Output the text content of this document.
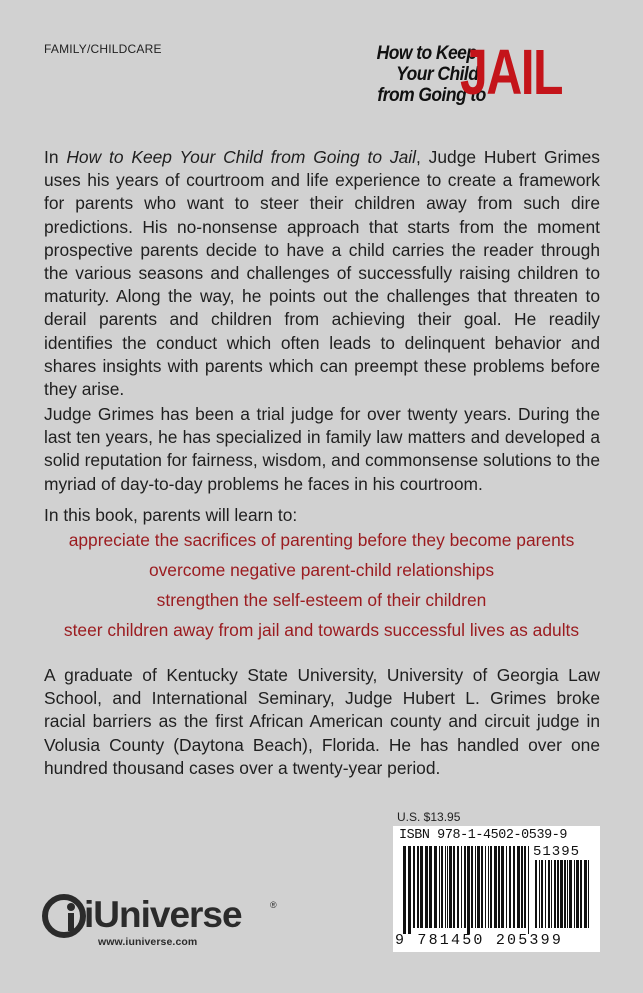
FAMILY/CHILDCARE	How to Keep
Your Child
from Going to
JAIL
In How to Keep Your Child from Going to Jail, Judge Hubert Grimes uses his years of courtroom and life experience to create a framework for parents who want to steer their children away from such dire predictions. His no-nonsense approach that starts from the moment prospective parents decide to have a child carries the reader through the various seasons and challenges of successfully raising children to maturity. Along the way, he points out the challenges that threaten to derail parents and children from achieving their goal. He readily identifies the conduct which often leads to delinquent behavior and shares insights with parents which can preempt these problems before they arise.
Judge Grimes has been a trial judge for over twenty years. During the last ten years, he has specialized in family law matters and developed a solid reputation for fairness, wisdom, and commonsense solutions to the myriad of day-to-day problems he faces in his courtroom.
In this book, parents will learn to:
appreciate the sacrifices of parenting before they become parents
overcome negative parent-child relationships
strengthen the self-esteem of their children
steer children away from jail and towards successful lives as adults
A graduate of Kentucky State University, University of Georgia Law School, and International Seminary, Judge Hubert L. Grimes broke racial barriers as the first African American county and circuit judge in Volusia County (Daytona Beach), Florida. He has handled over one hundred thousand cases over a twenty-year period.
U.S. $13.95
ISBN 978-1-4502-0539-9
51395
9 781450 205399
iUniverse	®
www.iuniverse.com
